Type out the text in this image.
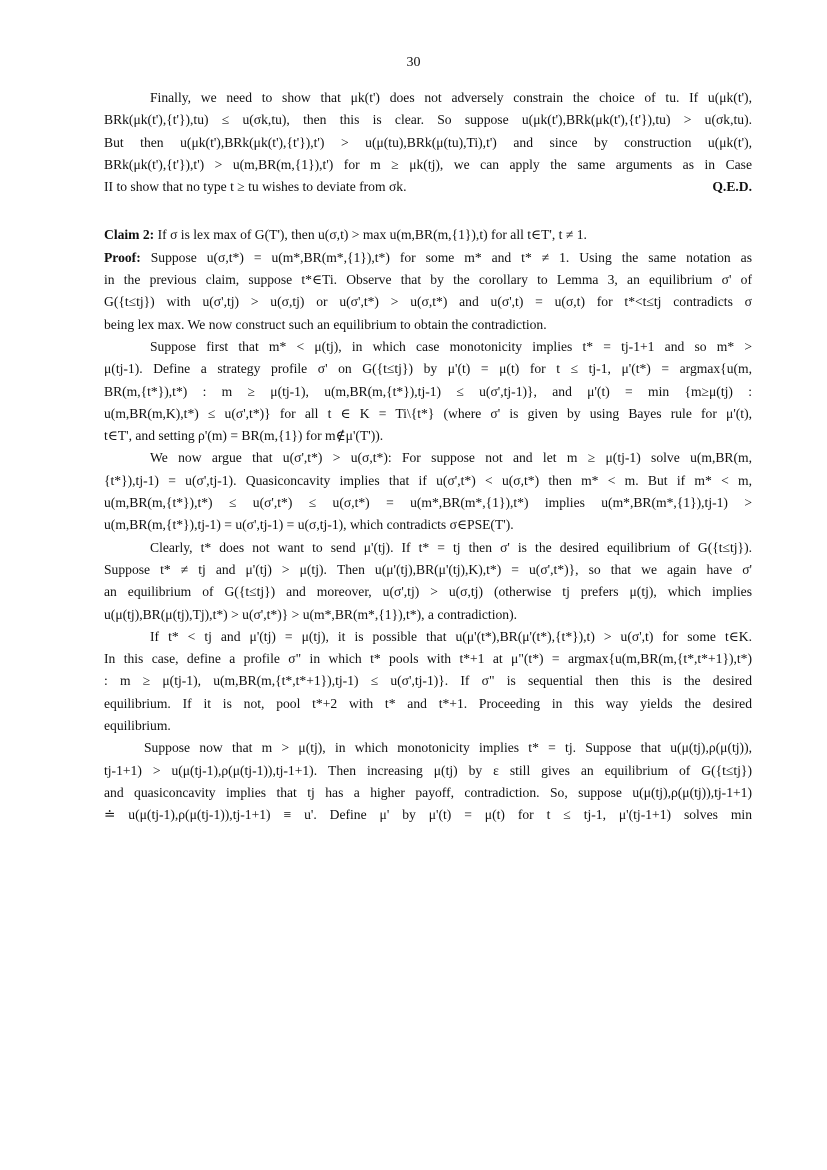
30
Finally, we need to show that μk(t') does not adversely constrain the choice of tu. If u(μk(t'),
BRk(μk(t'),{t'}),tu) ≤ u(σk,tu), then this is clear. So suppose u(μk(t'),BRk(μk(t'),{t'}),tu) > u(σk,tu).
But then u(μk(t'),BRk(μk(t'),{t'}),t') > u(μ(tu),BRk(μ(tu),Ti),t') and since by construction u(μk(t'),
BRk(μk(t'),{t'}),t') > u(m,BR(m,{1}),t') for m ≥ μk(tj), we can apply the same arguments as in Case
II to show that no type t ≥ tu wishes to deviate from σk.	Q.E.D.
Claim 2: If σ is lex max of G(T'), then u(σ,t) > max u(m,BR(m,{1}),t) for all t∈T', t ≠ 1.
Proof: Suppose u(σ,t*) = u(m*,BR(m*,{1}),t*) for some m* and t* ≠ 1. Using the same notation as
in the previous claim, suppose t*∈Ti. Observe that by the corollary to Lemma 3, an equilibrium σ' of
G({t≤tj}) with u(σ',tj) > u(σ,tj) or u(σ',t*) > u(σ,t*) and u(σ',t) = u(σ,t) for t*<t≤tj contradicts σ
being lex max. We now construct such an equilibrium to obtain the contradiction.
Suppose first that m* < μ(tj), in which case monotonicity implies t* = tj-1+1 and so m* >
μ(tj-1). Define a strategy profile σ' on G({t≤tj}) by μ'(t) = μ(t) for t ≤ tj-1, μ'(t*) = argmax{u(m,
BR(m,{t*}),t*) : m ≥ μ(tj-1), u(m,BR(m,{t*}),tj-1) ≤ u(σ',tj-1)}, and μ'(t) = min {m≥μ(tj) :
u(m,BR(m,K),t*) ≤ u(σ',t*)} for all t ∈ K = Ti\{t*} (where σ' is given by using Bayes rule for μ'(t),
t∈T', and setting ρ'(m) = BR(m,{1}) for m∉μ'(T')).
We now argue that u(σ',t*) > u(σ,t*): For suppose not and let m ≥ μ(tj-1) solve u(m,BR(m,
{t*}),tj-1) = u(σ',tj-1). Quasiconcavity implies that if u(σ',t*) < u(σ,t*) then m* < m. But if m* < m,
u(m,BR(m,{t*}),t*) ≤ u(σ',t*) ≤ u(σ,t*) = u(m*,BR(m*,{1}),t*) implies u(m*,BR(m*,{1}),tj-1) >
u(m,BR(m,{t*}),tj-1) = u(σ',tj-1) = u(σ,tj-1), which contradicts σ∈PSE(T').
Clearly, t* does not want to send μ'(tj). If t* = tj then σ' is the desired equilibrium of G({t≤tj}).
Suppose t* ≠ tj and μ'(tj) > μ(tj). Then u(μ'(tj),BR(μ'(tj),K),t*) = u(σ',t*)}, so that we again have σ'
an equilibrium of G({t≤tj}) and moreover, u(σ',tj) > u(σ,tj) (otherwise tj prefers μ(tj), which implies
u(μ(tj),BR(μ(tj),Tj),t*) > u(σ',t*)} > u(m*,BR(m*,{1}),t*), a contradiction).
If t* < tj and μ'(tj) = μ(tj), it is possible that u(μ'(t*),BR(μ'(t*),{t*}),t) > u(σ',t) for some t∈K.
In this case, define a profile σ" in which t* pools with t*+1 at μ"(t*) = argmax{u(m,BR(m,{t*,t*+1}),t*)
: m ≥ μ(tj-1), u(m,BR(m,{t*,t*+1}),tj-1) ≤ u(σ',tj-1)}. If σ" is sequential then this is the desired
equilibrium. If it is not, pool t*+2 with t* and t*+1. Proceeding in this way yields the desired
equilibrium.
Suppose now that m > μ(tj), in which monotonicity implies t* = tj. Suppose that u(μ(tj),ρ(μ(tj)),
tj-1+1) > u(μ(tj-1),ρ(μ(tj-1)),tj-1+1). Then increasing μ(tj) by ε still gives an equilibrium of G({t≤tj})
and quasiconcavity implies that tj has a higher payoff, contradiction. So, suppose u(μ(tj),ρ(μ(tj)),tj-1+1)
≐ u(μ(tj-1),ρ(μ(tj-1)),tj-1+1) ≡ u'. Define μ' by μ'(t) = μ(t) for t ≤ tj-1, μ'(tj-1+1) solves min
